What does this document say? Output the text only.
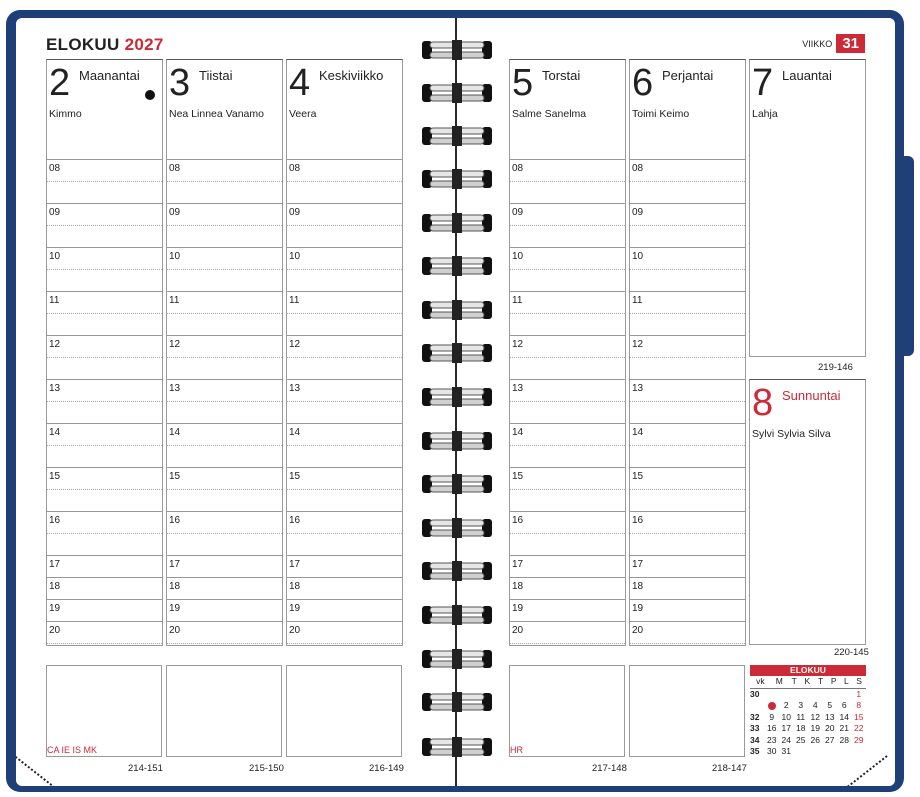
ELOKUU 2027
2 Maanantai
Kimmo
08
09
10
11
12
13
14
15
16
17
18
19
20
3 Tiistai
Nea Linnea Vanamo
08
09
10
11
12
13
14
15
16
17
18
19
20
4 Keskiviikko
Veera
08
09
10
11
12
13
14
15
16
17
18
19
20
CA IE IS MK
214-151	215-150	216-149
VIIKKO 31
5 Torstai
Salme Sanelma
08
09
10
11
12
13
14
15
16
17
18
19
20
6 Perjantai
Toimi Keimo
08
09
10
11
12
13
14
15
16
17
18
19
20
7 Lauantai
Lahja
219-146
8 Sunnuntai
Sylvi Sylvia Silva
220-145
HR
217-148	218-147
ELOKUU
vk	M	T	K	T	P	L	S
30							1
		2	3	4	5	6	8
32	9	10	11	12	13	14	15
33	16	17	18	19	20	21	22
34	23	24	25	26	27	28	29
35	30	31					
